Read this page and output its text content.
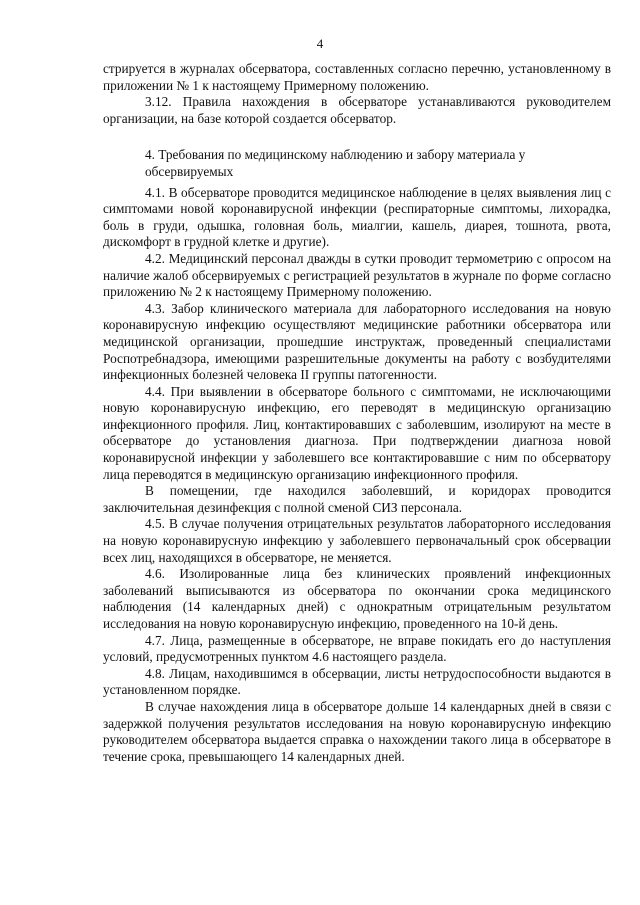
4

стрируется в журналах обсерватора, составленных согласно перечню, установленному в приложении № 1 к настоящему Примерному положению.

3.12. Правила нахождения в обсерваторе устанавливаются руководителем организации, на базе которой создается обсерватор.

4. Требования по медицинскому наблюдению и забору материала у обсервируемых

4.1. В обсерваторе проводится медицинское наблюдение в целях выявления лиц с симптомами новой коронавирусной инфекции (респираторные симптомы, лихорадка, боль в груди, одышка, головная боль, миалгии, кашель, диарея, тошнота, рвота, дискомфорт в грудной клетке и другие).

4.2. Медицинский персонал дважды в сутки проводит термометрию с опросом на наличие жалоб обсервируемых с регистрацией результатов в журнале по форме согласно приложению № 2 к настоящему Примерному положению.

4.3. Забор клинического материала для лабораторного исследования на новую коронавирусную инфекцию осуществляют медицинские работники обсерватора или медицинской организации, прошедшие инструктаж, проведенный специалистами Роспотребнадзора, имеющими разрешительные документы на работу с возбудителями инфекционных болезней человека II группы патогенности.

4.4. При выявлении в обсерваторе больного с симптомами, не исключающими новую коронавирусную инфекцию, его переводят в медицинскую организацию инфекционного профиля. Лиц, контактировавших с заболевшим, изолируют на месте в обсерваторе до установления диагноза. При подтверждении диагноза новой коронавирусной инфекции у заболевшего все контактировавшие с ним по обсерватору лица переводятся в медицинскую организацию инфекционного профиля.

В помещении, где находился заболевший, и коридорах проводится заключительная дезинфекция с полной сменой СИЗ персонала.

4.5. В случае получения отрицательных результатов лабораторного исследования на новую коронавирусную инфекцию у заболевшего первоначальный срок обсервации всех лиц, находящихся в обсерваторе, не меняется.

4.6. Изолированные лица без клинических проявлений инфекционных заболеваний выписываются из обсерватора по окончании срока медицинского наблюдения (14 календарных дней) с однократным отрицательным результатом исследования на новую коронавирусную инфекцию, проведенного на 10-й день.

4.7. Лица, размещенные в обсерваторе, не вправе покидать его до наступления условий, предусмотренных пунктом 4.6 настоящего раздела.

4.8. Лицам, находившимся в обсервации, листы нетрудоспособности выдаются в установленном порядке.

В случае нахождения лица в обсерваторе дольше 14 календарных дней в связи с задержкой получения результатов исследования на новую коронавирусную инфекцию руководителем обсерватора выдается справка о нахождении такого лица в обсерваторе в течение срока, превышающего 14 календарных дней.
